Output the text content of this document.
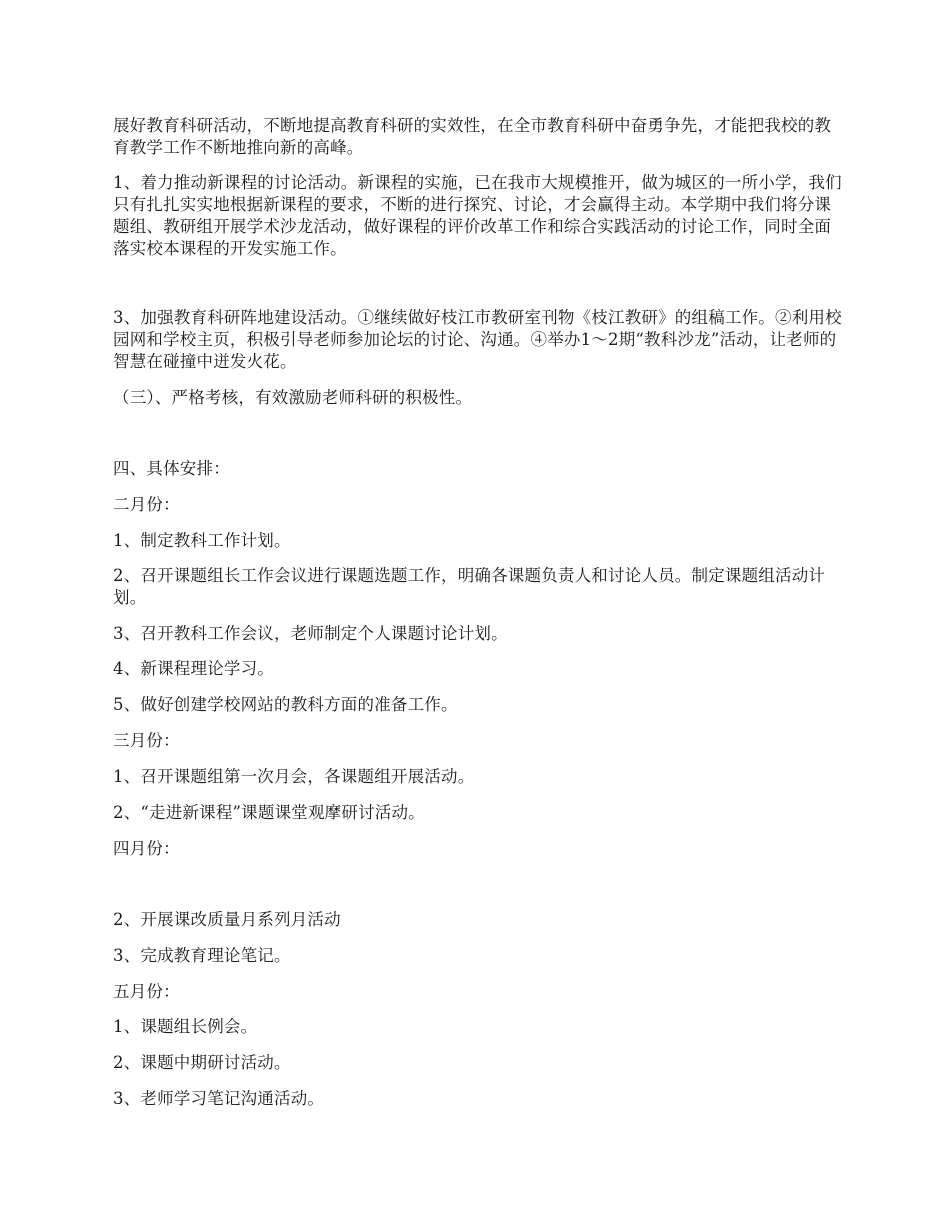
展好教育科研活动，不断地提高教育科研的实效性，在全市教育科研中奋勇争先，才能把我校的教育教学工作不断地推向新的高峰。

1、着力推动新课程的讨论活动。新课程的实施，已在我市大规模推开，做为城区的一所小学，我们只有扎扎实实地根据新课程的要求，不断的进行探究、讨论，才会赢得主动。本学期中我们将分课题组、教研组开展学术沙龙活动，做好课程的评价改革工作和综合实践活动的讨论工作，同时全面落实校本课程的开发实施工作。

3、加强教育科研阵地建设活动。①继续做好枝江市教研室刊物《枝江教研》的组稿工作。②利用校园网和学校主页，积极引导老师参加论坛的讨论、沟通。④举办1～2期“教科沙龙”活动，让老师的智慧在碰撞中迸发火花。

（三）、严格考核，有效激励老师科研的积极性。

四、具体安排：

二月份：

1、制定教科工作计划。

2、召开课题组长工作会议进行课题选题工作，明确各课题负责人和讨论人员。制定课题组活动计划。

3、召开教科工作会议，老师制定个人课题讨论计划。

4、新课程理论学习。

5、做好创建学校网站的教科方面的准备工作。

三月份：

1、召开课题组第一次月会，各课题组开展活动。

2、“走进新课程”课题课堂观摩研讨活动。

四月份：

2、开展课改质量月系列月活动

3、完成教育理论笔记。

五月份：

1、课题组长例会。

2、课题中期研讨活动。

3、老师学习笔记沟通活动。
